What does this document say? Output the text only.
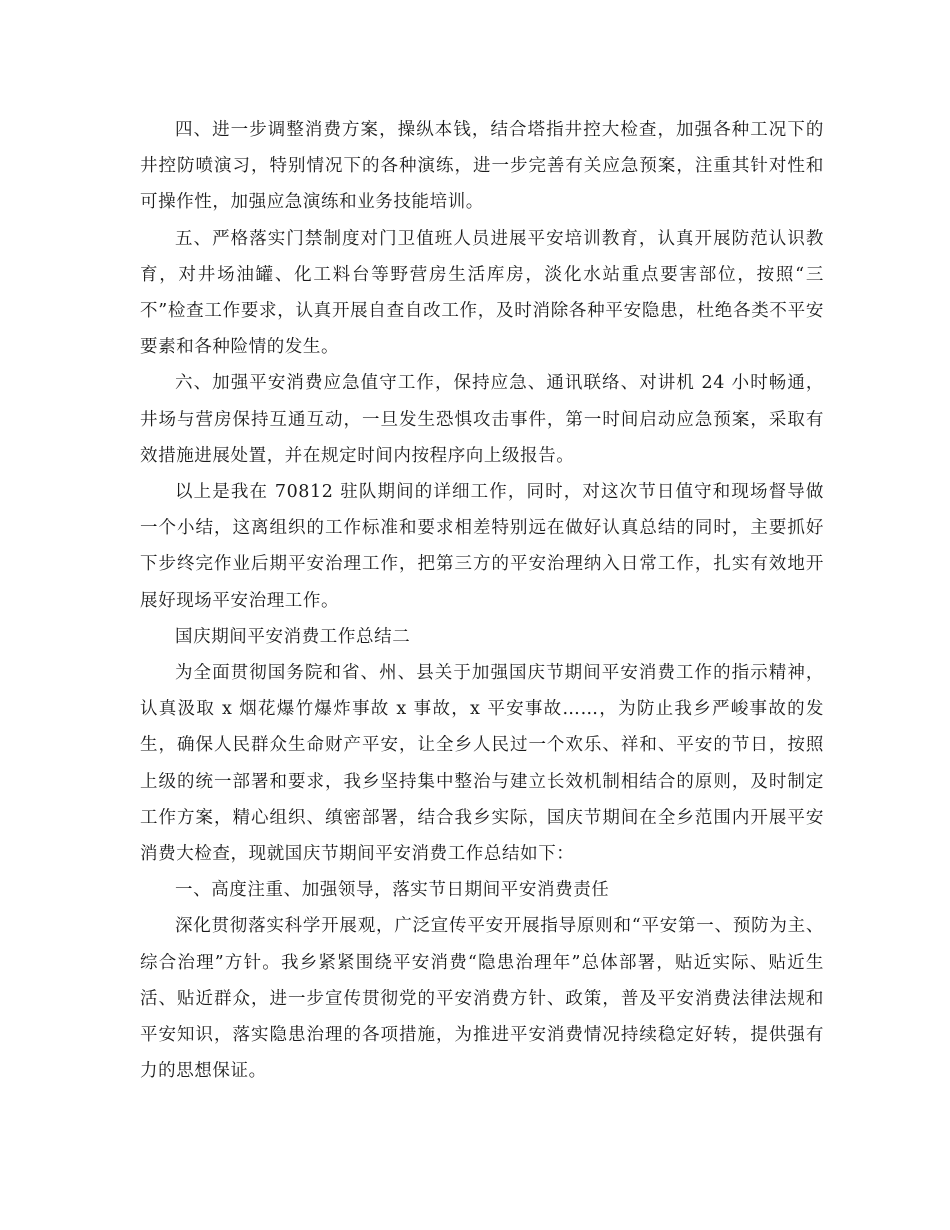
四、进一步调整消费方案，操纵本钱，结合塔指井控大检查，加强各种工况下的井控防喷演习，特别情况下的各种演练，进一步完善有关应急预案，注重其针对性和可操作性，加强应急演练和业务技能培训。

五、严格落实门禁制度对门卫值班人员进展平安培训教育，认真开展防范认识教育，对井场油罐、化工料台等野营房生活库房，淡化水站重点要害部位，按照“三不”检查工作要求，认真开展自查自改工作，及时消除各种平安隐患，杜绝各类不平安要素和各种险情的发生。

六、加强平安消费应急值守工作，保持应急、通讯联络、对讲机 24 小时畅通，井场与营房保持互通互动，一旦发生恐惧攻击事件，第一时间启动应急预案，采取有效措施进展处置，并在规定时间内按程序向上级报告。

以上是我在 70812 驻队期间的详细工作，同时，对这次节日值守和现场督导做一个小结，这离组织的工作标准和要求相差特别远在做好认真总结的同时，主要抓好下步终完作业后期平安治理工作，把第三方的平安治理纳入日常工作，扎实有效地开展好现场平安治理工作。

国庆期间平安消费工作总结二

为全面贯彻国务院和省、州、县关于加强国庆节期间平安消费工作的指示精神，认真汲取 x 烟花爆竹爆炸事故 x 事故，x 平安事故……，为防止我乡严峻事故的发生，确保人民群众生命财产平安，让全乡人民过一个欢乐、祥和、平安的节日，按照上级的统一部署和要求，我乡坚持集中整治与建立长效机制相结合的原则，及时制定工作方案，精心组织、缜密部署，结合我乡实际，国庆节期间在全乡范围内开展平安消费大检查，现就国庆节期间平安消费工作总结如下：

一、高度注重、加强领导，落实节日期间平安消费责任

深化贯彻落实科学开展观，广泛宣传平安开展指导原则和“平安第一、预防为主、综合治理”方针。我乡紧紧围绕平安消费“隐患治理年”总体部署，贴近实际、贴近生活、贴近群众，进一步宣传贯彻党的平安消费方针、政策，普及平安消费法律法规和平安知识，落实隐患治理的各项措施，为推进平安消费情况持续稳定好转，提供强有力的思想保证。
